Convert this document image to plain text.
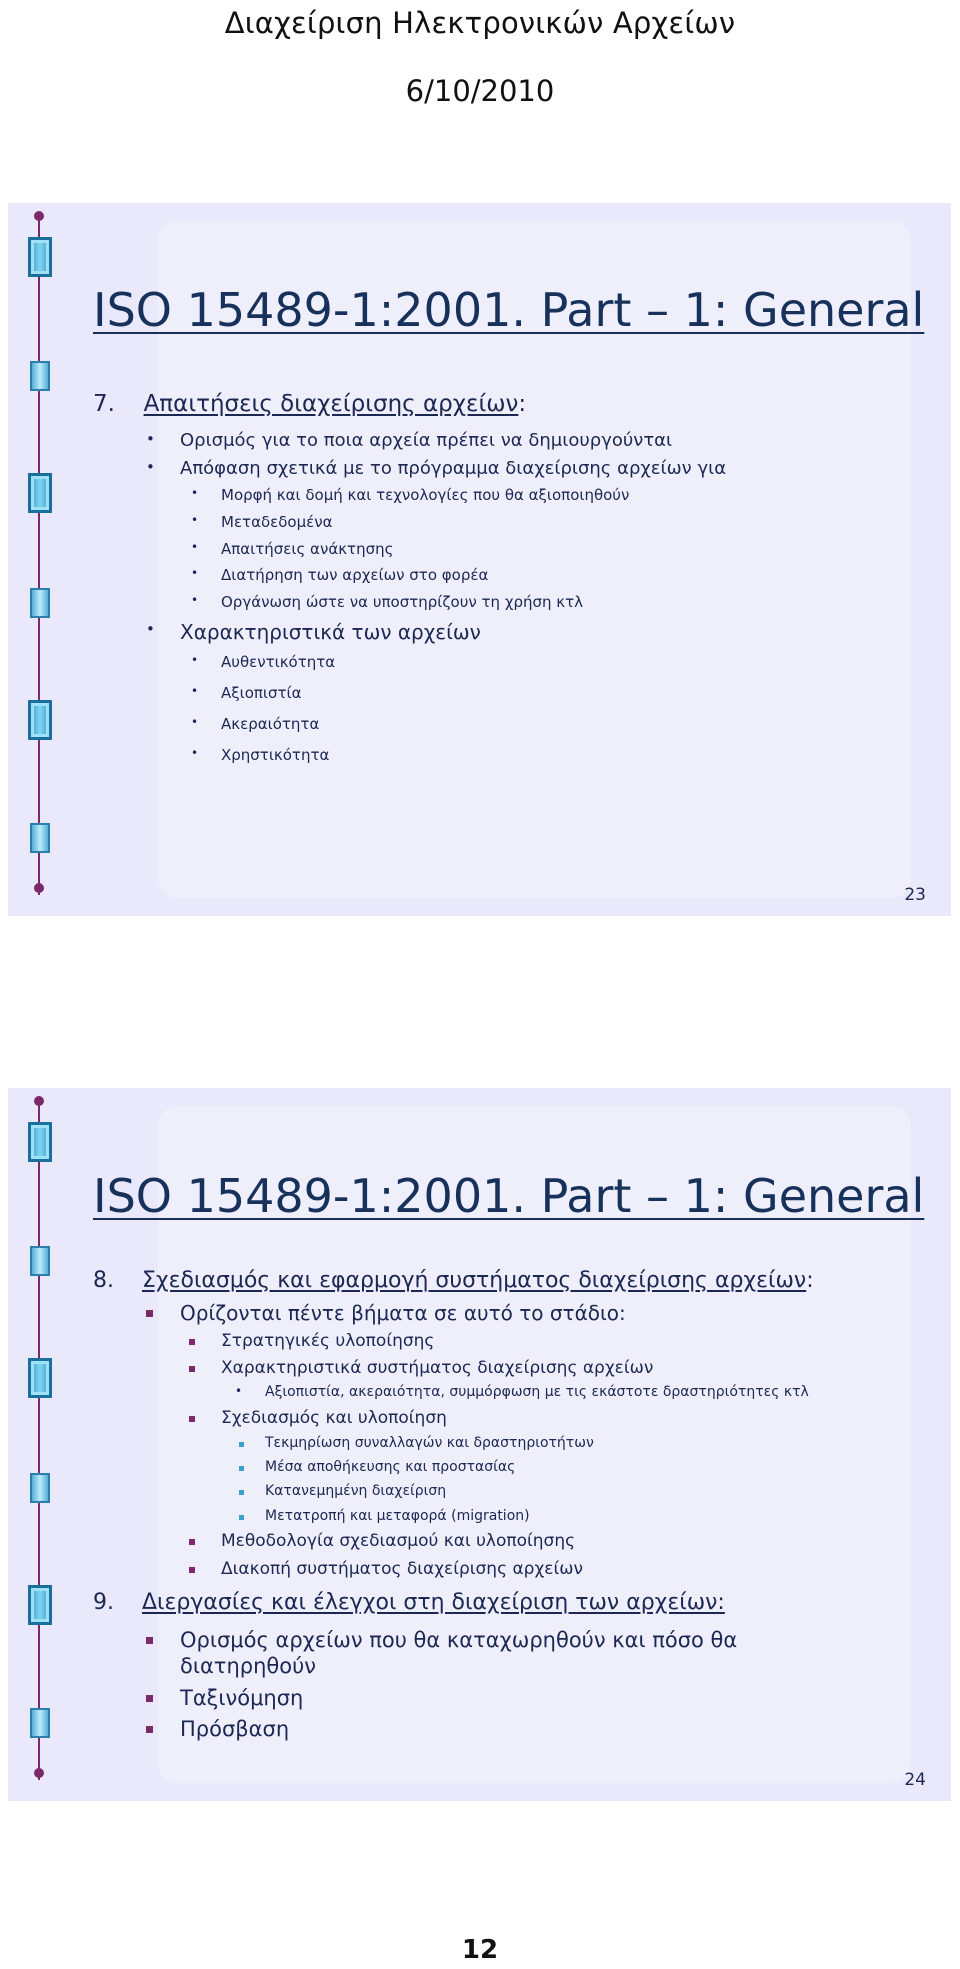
Διαχείριση Ηλεκτρονικών Αρχείων
6/10/2010
ISO 15489-1:2001. Part – 1: General
7. Απαιτήσεις διαχείρισης αρχείων:
• Ορισμός για το ποια αρχεία πρέπει να δημιουργούνται
• Απόφαση σχετικά με το πρόγραμμα διαχείρισης αρχείων για
• Μορφή και δομή και τεχνολογίες που θα αξιοποιηθούν
• Μεταδεδομένα
• Απαιτήσεις ανάκτησης
• Διατήρηση των αρχείων στο φορέα
• Οργάνωση ώστε να υποστηρίζουν τη χρήση κτλ
• Χαρακτηριστικά των αρχείων
• Αυθεντικότητα
• Αξιοπιστία
• Ακεραιότητα
• Χρηστικότητα
23
ISO 15489-1:2001. Part – 1: General
8. Σχεδιασμός και εφαρμογή συστήματος διαχείρισης αρχείων:
Ορίζονται πέντε βήματα σε αυτό το στάδιο:
Στρατηγικές υλοποίησης
Χαρακτηριστικά συστήματος διαχείρισης αρχείων
• Αξιοπιστία, ακεραιότητα, συμμόρφωση με τις εκάστοτε δραστηριότητες κτλ
Σχεδιασμός και υλοποίηση
Τεκμηρίωση συναλλαγών και δραστηριοτήτων
Μέσα αποθήκευσης και προστασίας
Κατανεμημένη διαχείριση
Μετατροπή και μεταφορά (migration)
Μεθοδολογία σχεδιασμού και υλοποίησης
Διακοπή συστήματος διαχείρισης αρχείων
9. Διεργασίες και έλεγχοι στη διαχείριση των αρχείων:
Ορισμός αρχείων που θα καταχωρηθούν και πόσο θα
διατηρηθούν
Ταξινόμηση
Πρόσβαση
24
12
